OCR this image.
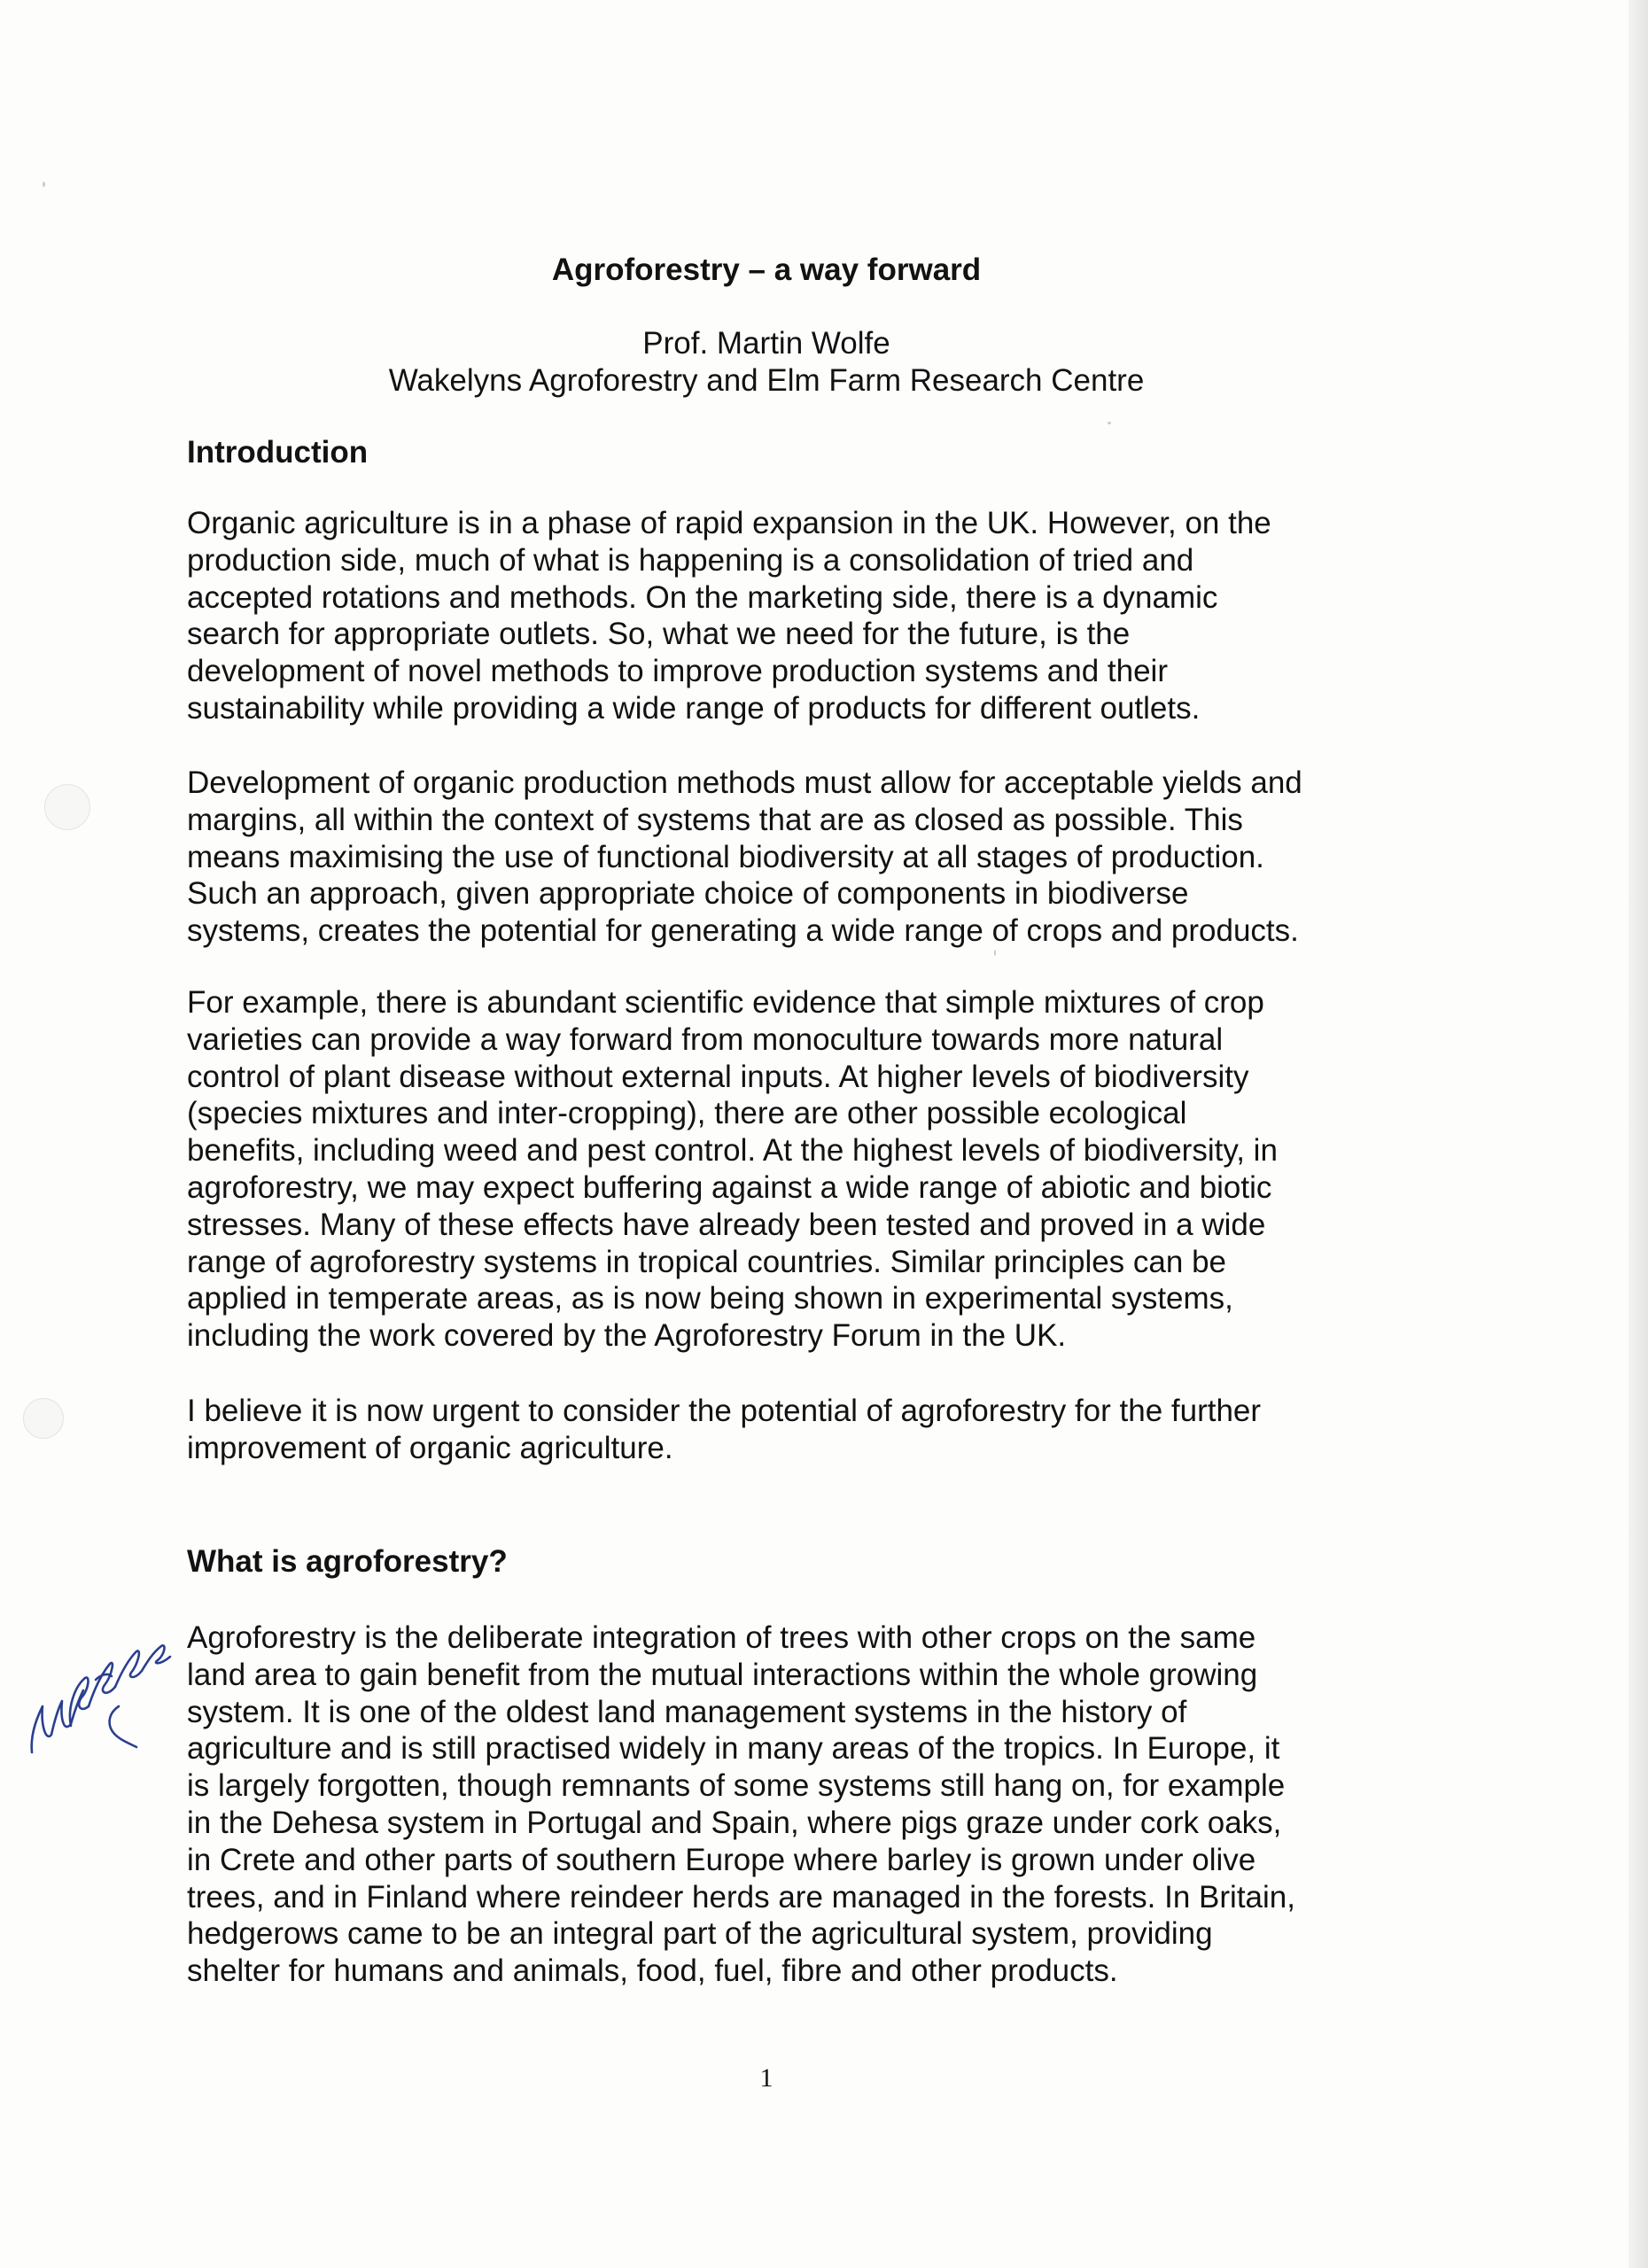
Agroforestry – a way forward
Prof. Martin Wolfe
Wakelyns Agroforestry and Elm Farm Research Centre
Introduction
Organic agriculture is in a phase of rapid expansion in the UK. However, on the
production side, much of what is happening is a consolidation of tried and
accepted rotations and methods. On the marketing side, there is a dynamic
search for appropriate outlets. So, what we need for the future, is the
development of novel methods to improve production systems and their
sustainability while providing a wide range of products for different outlets.
Development of organic production methods must allow for acceptable yields and
margins, all within the context of systems that are as closed as possible. This
means maximising the use of functional biodiversity at all stages of production.
Such an approach, given appropriate choice of components in biodiverse
systems, creates the potential for generating a wide range of crops and products.
For example, there is abundant scientific evidence that simple mixtures of crop
varieties can provide a way forward from monoculture towards more natural
control of plant disease without external inputs. At higher levels of biodiversity
(species mixtures and inter-cropping), there are other possible ecological
benefits, including weed and pest control. At the highest levels of biodiversity, in
agroforestry, we may expect buffering against a wide range of abiotic and biotic
stresses. Many of these effects have already been tested and proved in a wide
range of agroforestry systems in tropical countries. Similar principles can be
applied in temperate areas, as is now being shown in experimental systems,
including the work covered by the Agroforestry Forum in the UK.
I believe it is now urgent to consider the potential of agroforestry for the further
improvement of organic agriculture.
What is agroforestry?
Agroforestry is the deliberate integration of trees with other crops on the same
land area to gain benefit from the mutual interactions within the whole growing
system. It is one of the oldest land management systems in the history of
agriculture and is still practised widely in many areas of the tropics. In Europe, it
is largely forgotten, though remnants of some systems still hang on, for example
in the Dehesa system in Portugal and Spain, where pigs graze under cork oaks,
in Crete and other parts of southern Europe where barley is grown under olive
trees, and in Finland where reindeer herds are managed in the forests. In Britain,
hedgerows came to be an integral part of the agricultural system, providing
shelter for humans and animals, food, fuel, fibre and other products.
1
